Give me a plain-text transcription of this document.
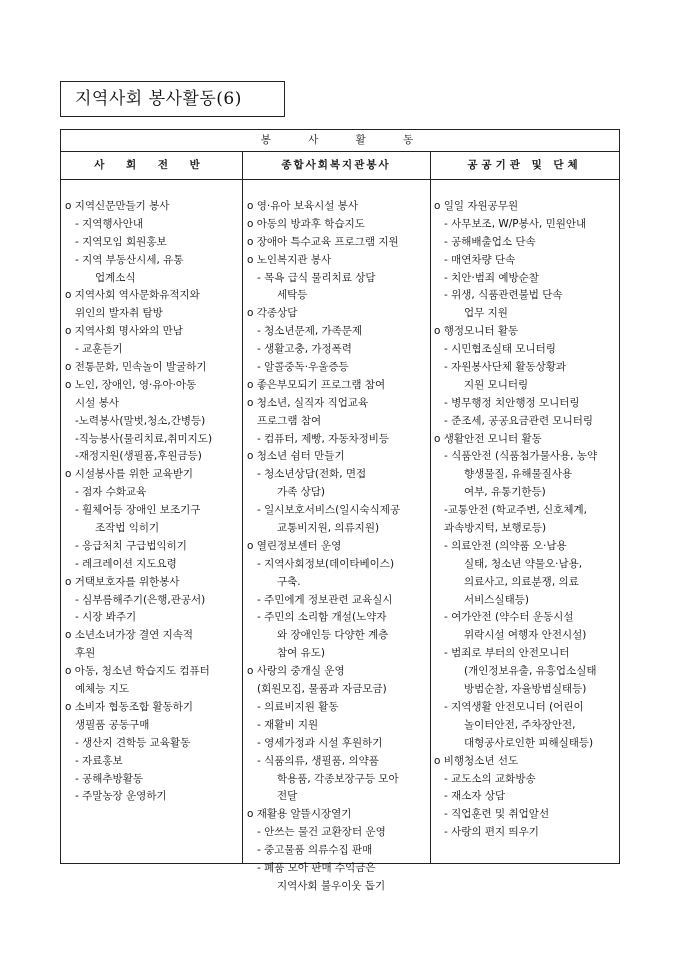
지역사회 봉사활동(6)
봉 사 활 동
사 회 전 반	종합사회복지관봉사	공공기관 및 단체
o 지역신문만들기 봉사
- 지역행사안내
- 지역모임 회원홍보
- 지역 부동산시세, 유통
업계소식
o 지역사회 역사문화유적지와
위인의 발자취 탐방
o 지역사회 명사와의 만남
- 교훈듣기
o 전통문화, 민속놀이 발굴하기
o 노인, 장애인, 영·유아·아동
시설 봉사
-노력봉사(말벗,청소,간병등)
-직능봉사(물리치료,취미지도)
-재정지원(생필품,후원금등)
o 시설봉사를 위한 교육받기
- 점자 수화교육
- 휠체어등 장애인 보조기구
조작법 익히기
- 응급처치 구급법익히기
- 레크레이션 지도요령
o 거택보호자를 위한봉사
- 심부름해주기(은행,관공서)
- 시장 봐주기
o 소년소녀가장 결연 지속적
후원
o 아동, 청소년 학습지도 컴퓨터
예체능 지도
o 소비자 협동조합 활동하기
생필품 공동구매
- 생산지 견학등 교육활동
- 자료홍보
- 공해추방활동
- 주말농장 운영하기
o 영·유아 보육시설 봉사
o 아동의 방과후 학습지도
o 장애아 특수교육 프로그램 지원
o 노인복지관 봉사
- 목욕 급식 물리치료 상담
세탁등
o 각종상담
- 청소년문제, 가족문제
- 생활고충, 가정폭력
- 알콜중독·우울증등
o 좋은부모되기 프로그램 참여
o 청소년, 실직자 직업교육
프로그램 참여
- 컴퓨터, 제빵, 자동차정비등
o 청소년 쉼터 만들기
- 청소년상담(전화, 면접
가족 상담)
- 일시보호서비스(일시숙식제공
교통비지원, 의류지원)
o 열린정보센터 운영
- 지역사회정보(데이타베이스)
구축.
- 주민에게 정보관련 교육실시
- 주민의 소리함 개설(노약자
와 장애인등 다양한 계층
참여 유도)
o 사랑의 중개실 운영
(회원모집, 물품과 자금모금)
- 의료비지원 활동
- 재활비 지원
- 영세가정과 시설 후원하기
- 식품의류, 생필품, 의약품
학용품, 각종보장구등 모아
전달
o 재활용 알뜰시장열기
- 안쓰는 물건 교환장터 운영
- 중고물품 의류수집 판매
- 폐품 모아 판매 수익금은
지역사회 불우이웃 돕기
o 일일 자원공무원
- 사무보조, W/P봉사, 민원안내
- 공해배출업소 단속
- 매연차량 단속
- 치안·범죄 예방순찰
- 위생, 식품관련불법 단속
업무 지원
o 행정모니터 활동
- 시민협조실태 모니터링
- 자원봉사단체 활동상황과
지원 모니터링
- 병무행정 치안행정 모니터링
- 준조세, 공공요금관련 모니터링
o 생활안전 모니터 활동
- 식품안전 (식품첨가물사용, 농약
향생물질, 유해물질사용
여부, 유통기한등)
-교통안전 (학교주변, 신호체계,
과속방지턱, 보행로등)
- 의료안전 (의약품 오·남용
실태, 청소년 약물오·남용,
의료사고, 의료분쟁, 의료
서비스실태등)
- 여가안전 (약수터 운동시설
위락시설 여행자 안전시설)
- 범죄로 부터의 안전모니터
(개인정보유출, 유흥업소실태
방범순찰, 자율방범실태등)
- 지역생활 안전모니터 (어린이
놀이터안전, 주차장안전,
대형공사로인한 피해실태등)
o 비행청소년 선도
- 교도소의 교화방송
- 재소자 상담
- 직업훈련 및 취업알선
- 사랑의 편지 띄우기
